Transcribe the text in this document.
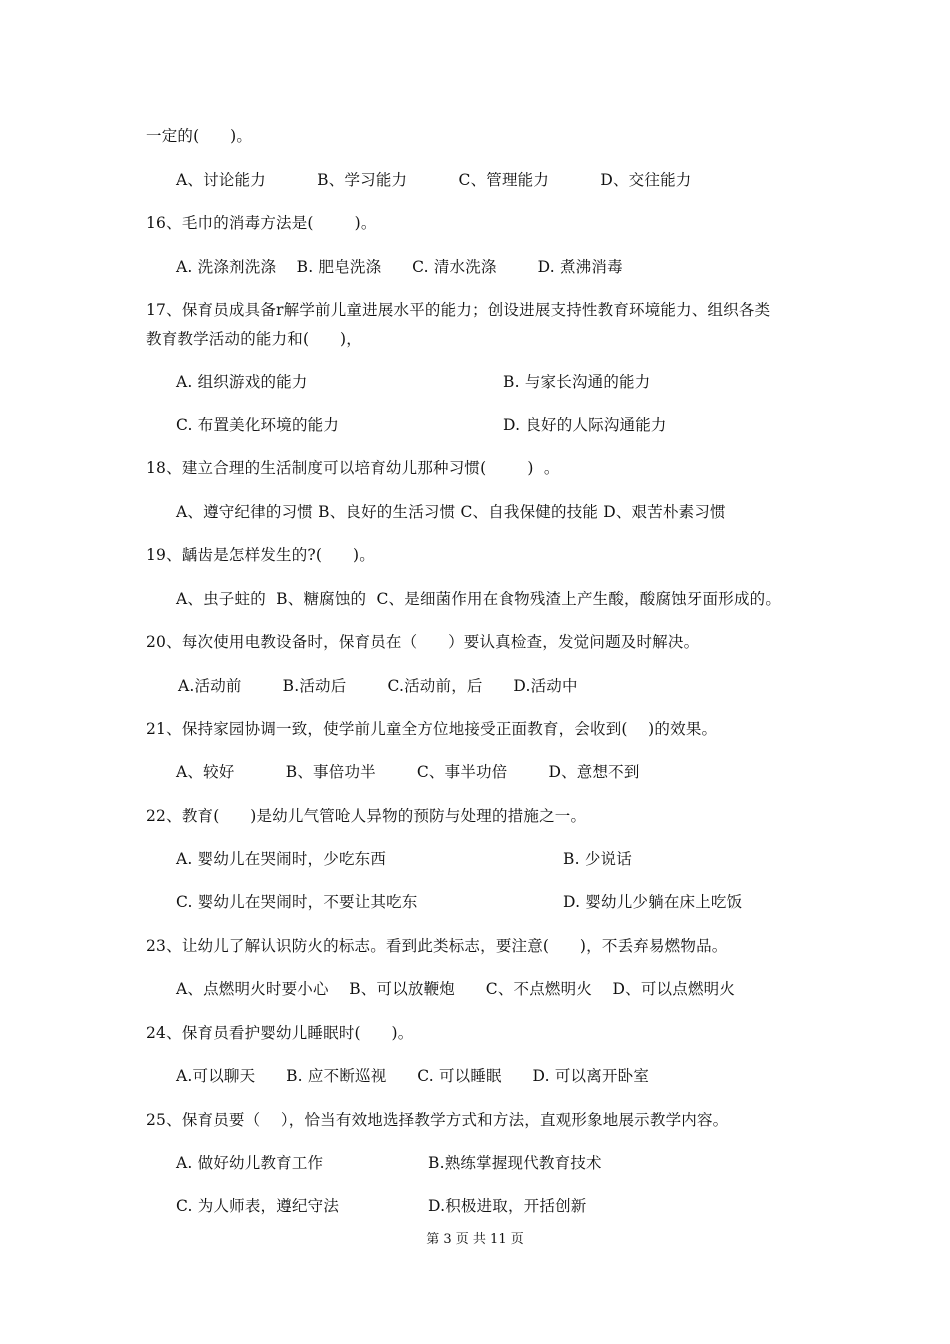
一定的(      )。
A、讨论能力          B、学习能力          C、管理能力          D、交往能力
16、毛巾的消毒方法是(        )。
A. 洗涤剂洗涤    B. 肥皂洗涤      C. 清水洗涤        D. 煮沸消毒
17、保育员成具备r解学前儿童进展水平的能力；创设进展支持性教育环境能力、组织各类
教育教学活动的能力和(      )，
A. 组织游戏的能力	B. 与家长沟通的能力
C. 布置美化环境的能力	D. 良好的人际沟通能力
18、建立合理的生活制度可以培育幼儿那种习惯(        )  。
A、遵守纪律的习惯 B、良好的生活习惯 C、自我保健的技能 D、艰苦朴素习惯
19、龋齿是怎样发生的?(      )。
A、虫子蛀的  B、糖腐蚀的  C、是细菌作用在食物残渣上产生酸，酸腐蚀牙面形成的。
20、每次使用电教设备时，保育员在（      ）要认真检查，发觉问题及时解决。
A.活动前        B.活动后        C.活动前，后      D.活动中
21、保持家园协调一致，使学前儿童全方位地接受正面教育，会收到(    )的效果。
A、较好          B、事倍功半        C、事半功倍        D、意想不到
22、教育(      )是幼儿气管呛人异物的预防与处理的措施之一。
A. 婴幼儿在哭闹时，少吃东西	B. 少说话
C. 婴幼儿在哭闹时，不要让其吃东	D. 婴幼儿少躺在床上吃饭
23、让幼儿了解认识防火的标志。看到此类标志，要注意(      )，不丢弃易燃物品。
A、点燃明火时要小心    B、可以放鞭炮      C、不点燃明火    D、可以点燃明火
24、保育员看护婴幼儿睡眠时(      )。
A.可以聊天      B. 应不断巡视      C. 可以睡眠      D. 可以离开卧室
25、保育员要（    ），恰当有效地选择教学方式和方法，直观形象地展示教学内容。
A. 做好幼儿教育工作	B.熟练掌握现代教育技术
C. 为人师表，遵纪守法	D.积极进取，开括创新
第 3 页 共 11 页
